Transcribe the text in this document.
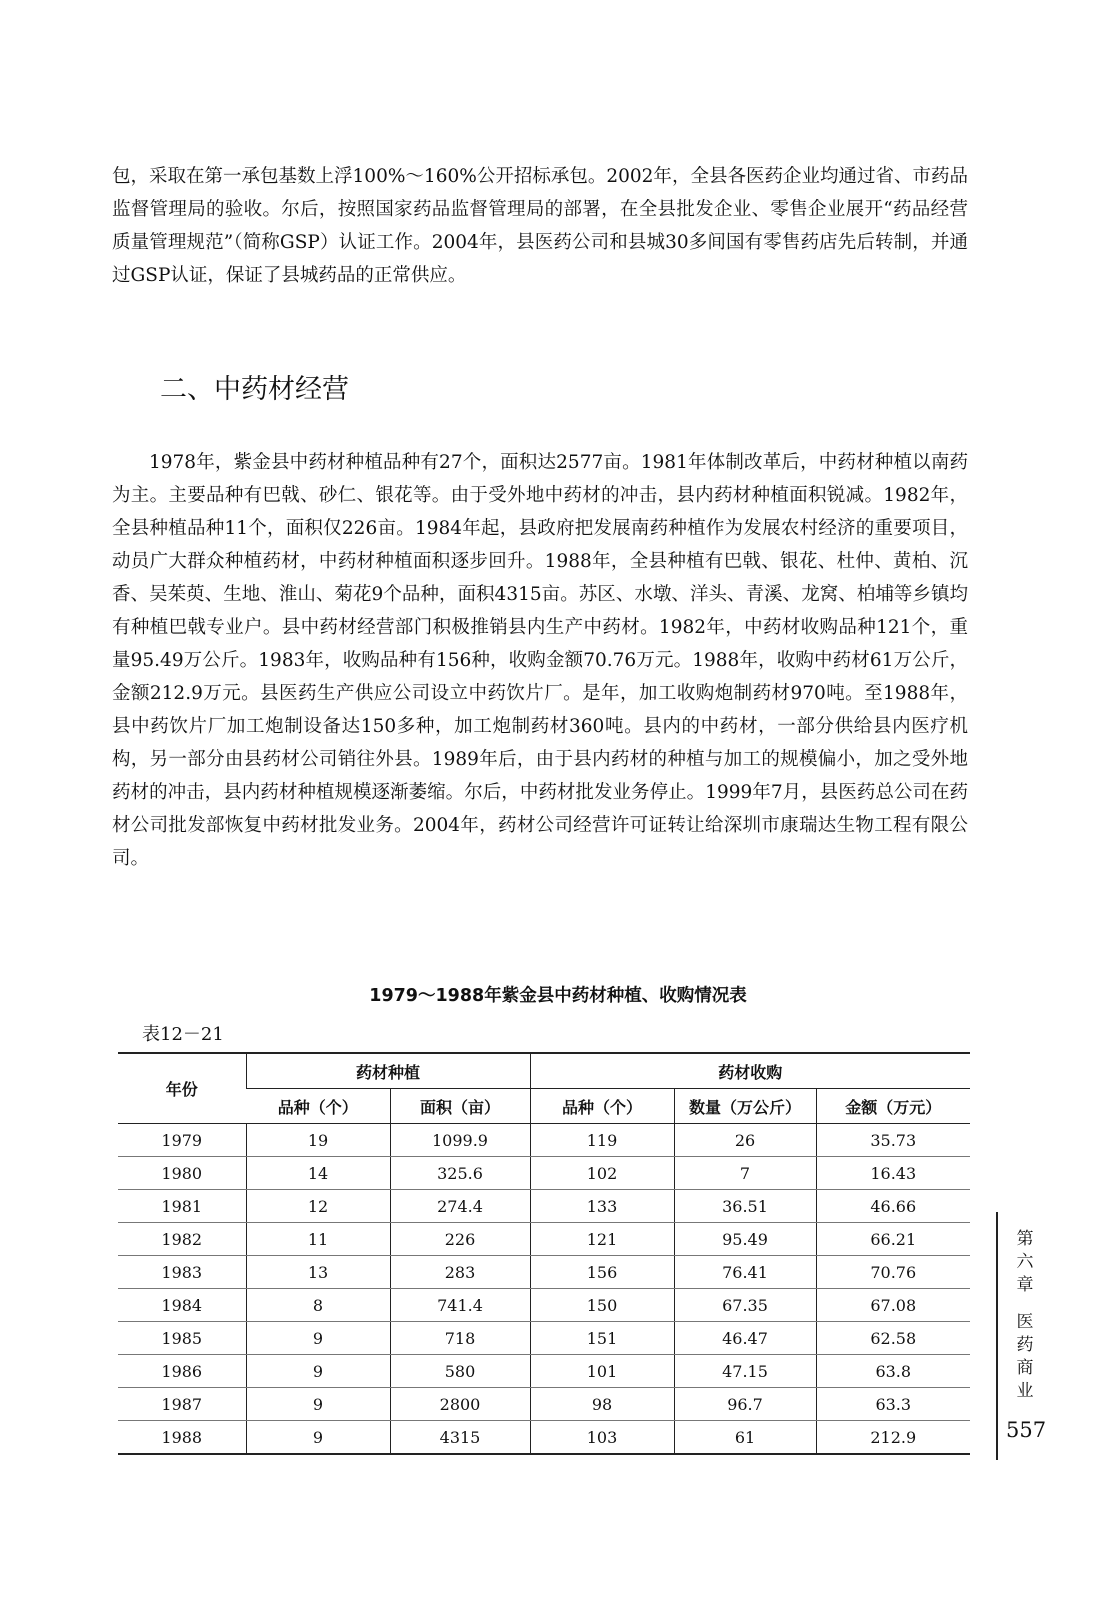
包，采取在第一承包基数上浮100%～160%公开招标承包。2002年，全县各医药企业均通过省、市药品监督管理局的验收。尔后，按照国家药品监督管理局的部署，在全县批发企业、零售企业展开“药品经营质量管理规范”（简称GSP）认证工作。2004年，县医药公司和县城30多间国有零售药店先后转制，并通过GSP认证，保证了县城药品的正常供应。

二、中药材经营

1978年，紫金县中药材种植品种有27个，面积达2577亩。1981年体制改革后，中药材种植以南药为主。主要品种有巴戟、砂仁、银花等。由于受外地中药材的冲击，县内药材种植面积锐减。1982年，全县种植品种11个，面积仅226亩。1984年起，县政府把发展南药种植作为发展农村经济的重要项目，动员广大群众种植药材，中药材种植面积逐步回升。1988年，全县种植有巴戟、银花、杜仲、黄柏、沉香、吴茱萸、生地、淮山、菊花9个品种，面积4315亩。苏区、水墩、洋头、青溪、龙窝、柏埔等乡镇均有种植巴戟专业户。县中药材经营部门积极推销县内生产中药材。1982年，中药材收购品种121个，重量95.49万公斤。1983年，收购品种有156种，收购金额70.76万元。1988年，收购中药材61万公斤，金额212.9万元。县医药生产供应公司设立中药饮片厂。是年，加工收购炮制药材970吨。至1988年，县中药饮片厂加工炮制设备达150多种，加工炮制药材360吨。县内的中药材，一部分供给县内医疗机构，另一部分由县药材公司销往外县。1989年后，由于县内药材的种植与加工的规模偏小，加之受外地药材的冲击，县内药材种植规模逐渐萎缩。尔后，中药材批发业务停止。1999年7月，县医药总公司在药材公司批发部恢复中药材批发业务。2004年，药材公司经营许可证转让给深圳市康瑞达生物工程有限公司。

1979～1988年紫金县中药材种植、收购情况表
表12－21
年份	药材种植		药材收购		
	品种（个）	面积（亩）	品种（个）	数量（万公斤）	金额（万元）
1979	19	1099.9	119	26	35.73
1980	14	325.6	102	7	16.43
1981	12	274.4	133	36.51	46.66
1982	11	226	121	95.49	66.21
1983	13	283	156	76.41	70.76
1984	8	741.4	150	67.35	67.08
1985	9	718	151	46.47	62.58
1986	9	580	101	47.15	63.8
1987	9	2800	98	96.7	63.3
1988	9	4315	103	61	212.9
第
六
章
医
药
商
业
557
